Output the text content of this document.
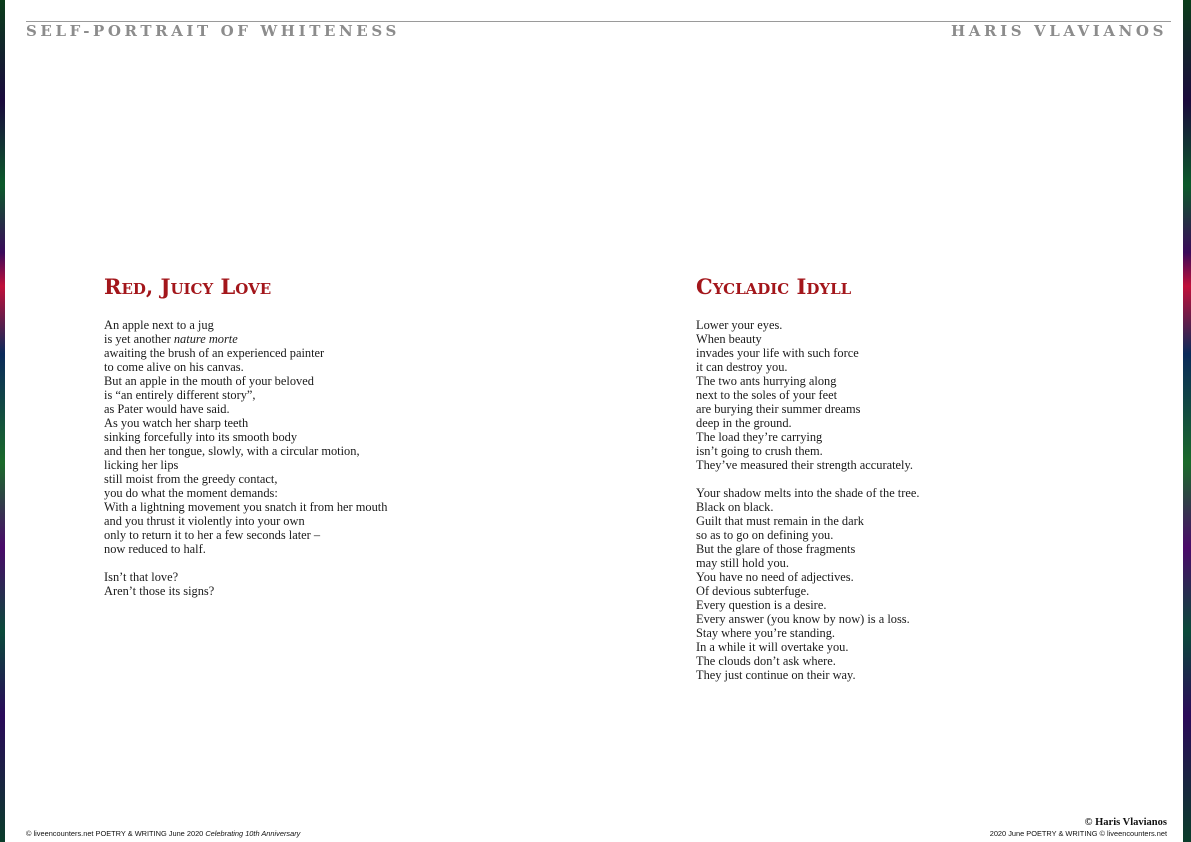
SELF-PORTRAIT OF WHITENESS	HARIS VLAVIANOS
Red, Juicy Love
An apple next to a jug
is yet another nature morte
awaiting the brush of an experienced painter
to come alive on his canvas.
But an apple in the mouth of your beloved
is “an entirely different story”,
as Pater would have said.
As you watch her sharp teeth
sinking forcefully into its smooth body
and then her tongue, slowly, with a circular motion,
licking her lips
still moist from the greedy contact,
you do what the moment demands:
With a lightning movement you snatch it from her mouth
and you thrust it violently into your own
only to return it to her a few seconds later –
now reduced to half.
Isn’t that love?
Aren’t those its signs?
Cycladic Idyll
Lower your eyes.
When beauty
invades your life with such force
it can destroy you.
The two ants hurrying along
next to the soles of your feet
are burying their summer dreams
deep in the ground.
The load they’re carrying
isn’t going to crush them.
They’ve measured their strength accurately.
Your shadow melts into the shade of the tree.
Black on black.
Guilt that must remain in the dark
so as to go on defining you.
But the glare of those fragments
may still hold you.
You have no need of adjectives.
Of devious subterfuge.
Every question is a desire.
Every answer (you know by now) is a loss.
Stay where you’re standing.
In a while it will overtake you.
The clouds don’t ask where.
They just continue on their way.
© liveencounters.net POETRY & WRITING June 2020 Celebrating 10th Anniversary
© Haris Vlavianos
2020 June POETRY & WRITING © liveencounters.net
